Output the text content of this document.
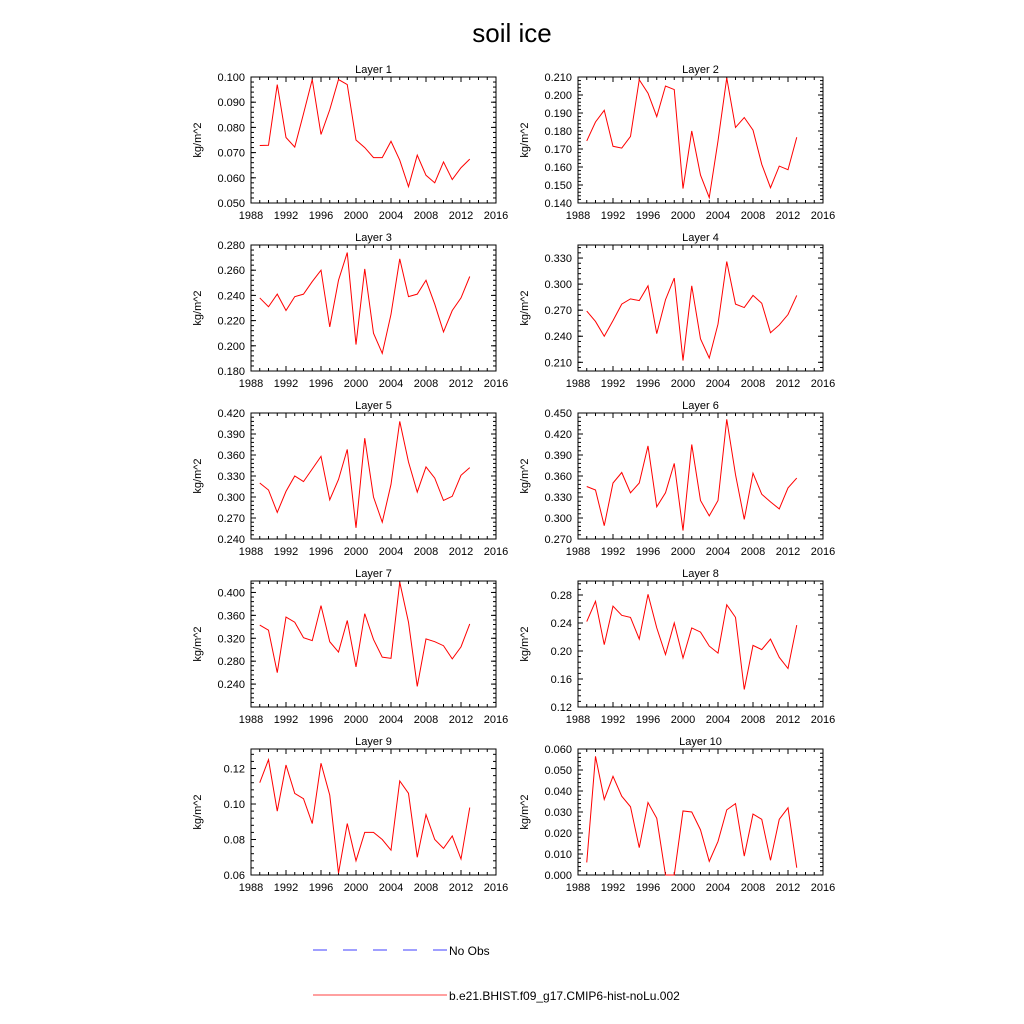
soil ice
Layer 1
kg/m^2
1988 1992 1996 2000 2004 2008 2012 2016
0.050
0.060
0.070
0.080
0.090
0.100
Layer 2
kg/m^2
1988 1992 1996 2000 2004 2008 2012 2016
0.140
0.150
0.160
0.170
0.180
0.190
0.200
0.210
Layer 3
kg/m^2
1988 1992 1996 2000 2004 2008 2012 2016
0.180
0.200
0.220
0.240
0.260
0.280
Layer 4
kg/m^2
1988 1992 1996 2000 2004 2008 2012 2016
0.210
0.240
0.270
0.300
0.330
Layer 5
kg/m^2
1988 1992 1996 2000 2004 2008 2012 2016
0.240
0.270
0.300
0.330
0.360
0.390
0.420
Layer 6
kg/m^2
1988 1992 1996 2000 2004 2008 2012 2016
0.270
0.300
0.330
0.360
0.390
0.420
0.450
Layer 7
kg/m^2
1988 1992 1996 2000 2004 2008 2012 2016
0.240
0.280
0.320
0.360
0.400
Layer 8
kg/m^2
1988 1992 1996 2000 2004 2008 2012 2016
0.12
0.16
0.20
0.24
0.28
Layer 9
kg/m^2
1988 1992 1996 2000 2004 2008 2012 2016
0.06
0.08
0.10
0.12
Layer 10
kg/m^2
1988 1992 1996 2000 2004 2008 2012 2016
0.000
0.010
0.020
0.030
0.040
0.050
0.060
No Obs
b.e21.BHIST.f09_g17.CMIP6-hist-noLu.002
